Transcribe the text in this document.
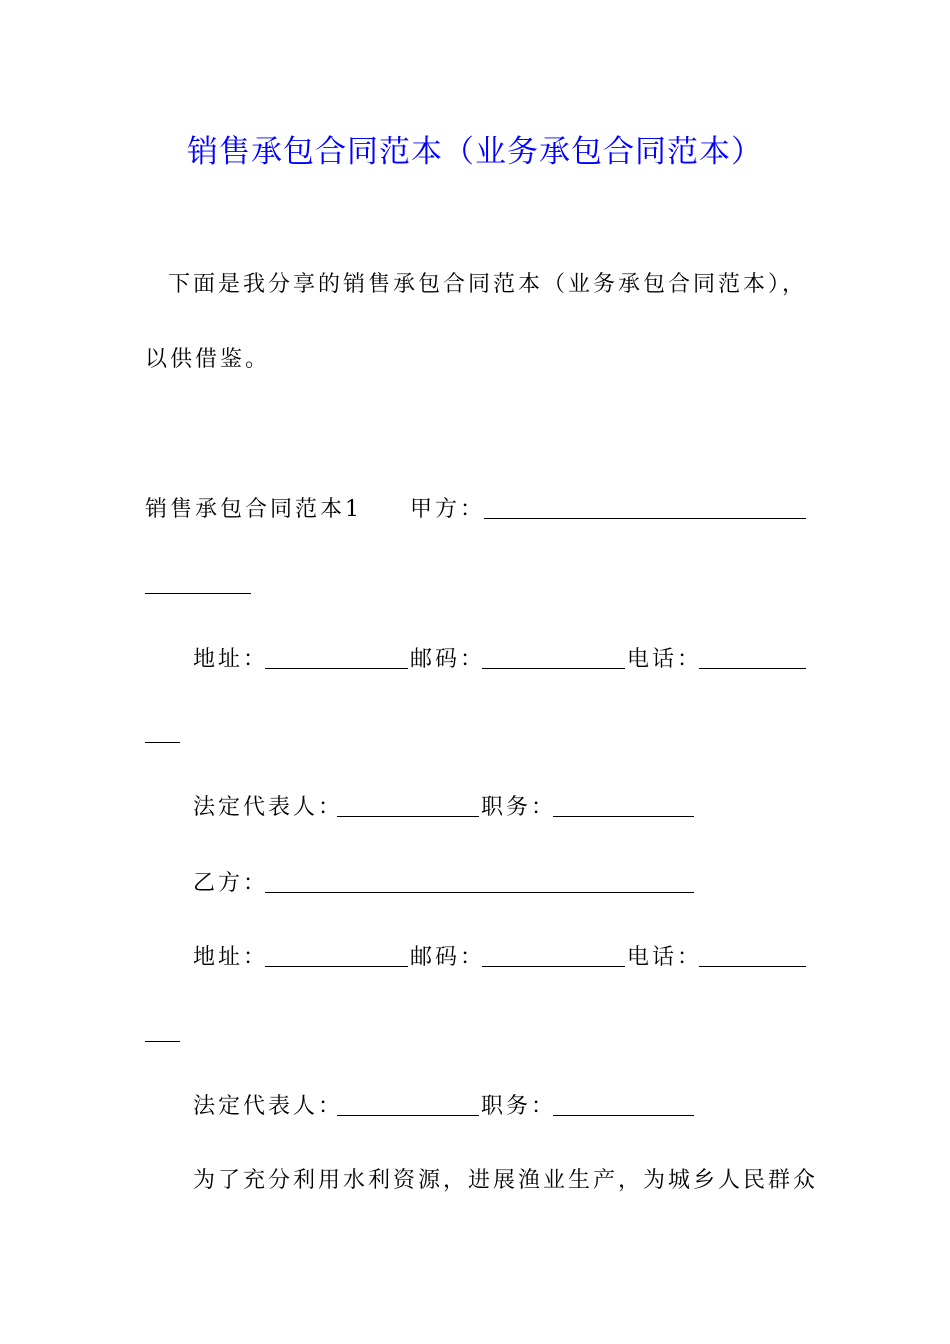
销售承包合同范本（业务承包合同范本）
下面是我分享的销售承包合同范本（业务承包合同范本），
以供借鉴。
销售承包合同范本1 甲方：
地址：	邮码：	电话：
法定代表人：	职务：
乙方：
地址：	邮码：	电话：
法定代表人：	职务：
为了充分利用水利资源，进展渔业生产，为城乡人民群众
